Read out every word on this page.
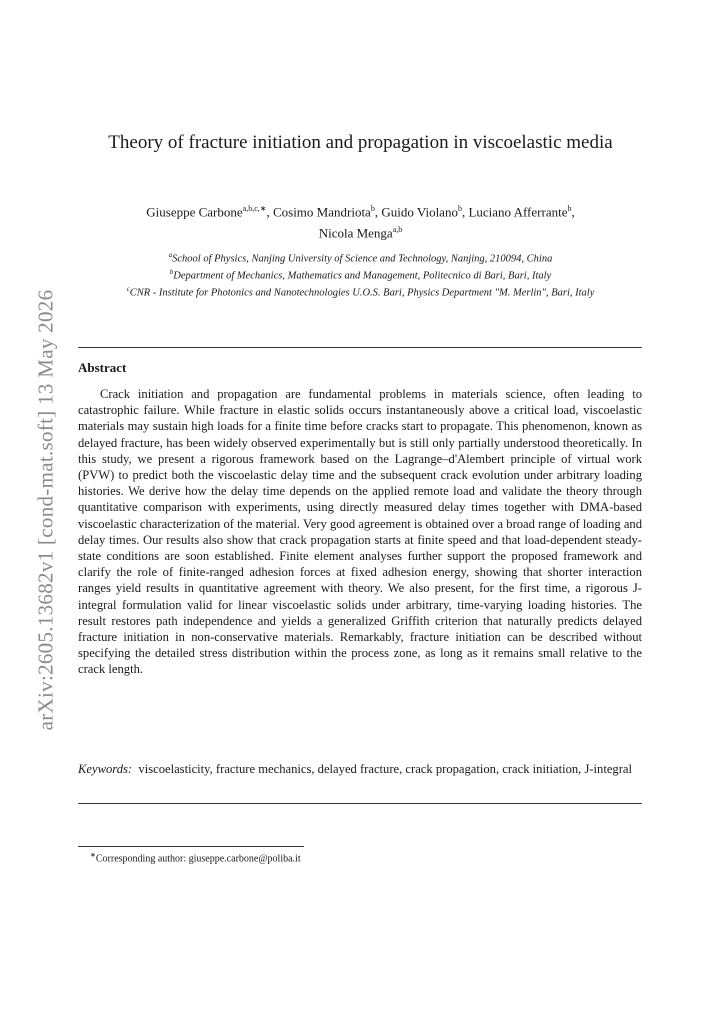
arXiv:2605.13682v1 [cond-mat.soft] 13 May 2026
Theory of fracture initiation and propagation in viscoelastic media
Giuseppe Carbone$^{a,b,c,∗}$, Cosimo Mandriota$^b$, Guido Violano$^b$, Luciano Afferrante$^b$,
Nicola Menga$^{a,b}$
$^a$School of Physics, Nanjing University of Science and Technology, Nanjing, 210094, China
$^b$Department of Mechanics, Mathematics and Management, Politecnico di Bari, Bari, Italy
$^c$CNR - Institute for Photonics and Nanotechnologies U.O.S. Bari, Physics Department "M. Merlin", Bari, Italy
Abstract

Crack initiation and propagation are fundamental problems in materials science, often leading to catastrophic failure. While fracture in elastic solids occurs instantaneously above a critical load, viscoelastic materials may sustain high loads for a finite time before cracks start to propagate. This phenomenon, known as delayed fracture, has been widely observed experimentally but is still only partially understood theoretically. In this study, we present a rigorous framework based on the Lagrange–d'Alembert principle of virtual work (PVW) to predict both the viscoelastic delay time and the subsequent crack evolution under arbitrary loading histories. We derive how the delay time depends on the applied remote load and validate the theory through quantitative comparison with experiments, using directly measured delay times together with DMA-based viscoelastic characterization of the material. Very good agreement is obtained over a broad range of loading and delay times. Our results also show that crack propagation starts at finite speed and that load-dependent steady-state conditions are soon established. Finite element analyses further support the proposed framework and clarify the role of finite-ranged adhesion forces at fixed adhesion energy, showing that shorter interaction ranges yield results in quantitative agreement with theory. We also present, for the first time, a rigorous J-integral formulation valid for linear viscoelastic solids under arbitrary, time-varying loading histories. The result restores path independence and yields a generalized Griffith criterion that naturally predicts delayed fracture initiation in non-conservative materials. Remarkably, fracture initiation can be described without specifying the detailed stress distribution within the process zone, as long as it remains small relative to the crack length.

Keywords: viscoelasticity, fracture mechanics, delayed fracture, crack propagation, crack initiation, J-integral
∗Corresponding author: giuseppe.carbone@poliba.it
